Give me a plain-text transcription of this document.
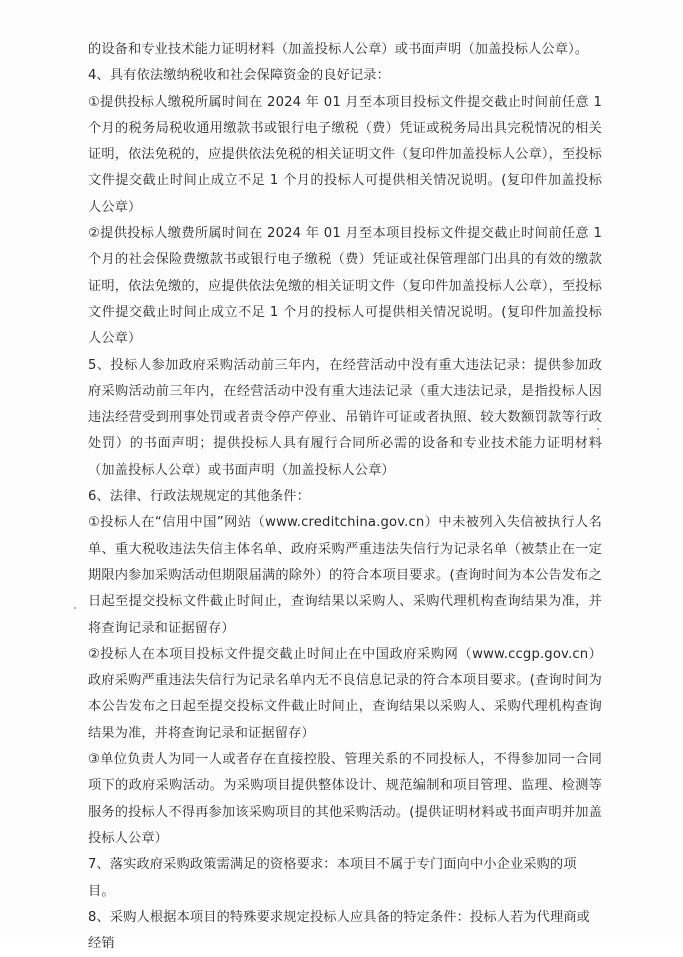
的设备和专业技术能力证明材料（加盖投标人公章）或书面声明（加盖投标人公章）。

4、具有依法缴纳税收和社会保障资金的良好记录：

①提供投标人缴税所属时间在 2024 年 01 月至本项目投标文件提交截止时间前任意 1 个月的税务局税收通用缴款书或银行电子缴税（费）凭证或税务局出具完税情况的相关证明，依法免税的，应提供依法免税的相关证明文件（复印件加盖投标人公章），至投标文件提交截止时间止成立不足 1 个月的投标人可提供相关情况说明。(复印件加盖投标人公章）

②提供投标人缴费所属时间在 2024 年 01 月至本项目投标文件提交截止时间前任意 1 个月的社会保险费缴款书或银行电子缴税（费）凭证或社保管理部门出具的有效的缴款证明，依法免缴的，应提供依法免缴的相关证明文件（复印件加盖投标人公章），至投标文件提交截止时间止成立不足 1 个月的投标人可提供相关情况说明。(复印件加盖投标人公章）

5、投标人参加政府采购活动前三年内，在经营活动中没有重大违法记录：提供参加政府采购活动前三年内，在经营活动中没有重大违法记录（重大违法记录，是指投标人因违法经营受到刑事处罚或者责令停产停业、吊销许可证或者执照、较大数额罚款等行政处罚）的书面声明；提供投标人具有履行合同所必需的设备和专业技术能力证明材料（加盖投标人公章）或书面声明（加盖投标人公章）

6、法律、行政法规规定的其他条件：

①投标人在“信用中国”网站（www.creditchina.gov.cn）中未被列入失信被执行人名单、重大税收违法失信主体名单、政府采购严重违法失信行为记录名单（被禁止在一定期限内参加采购活动但期限届满的除外）的符合本项目要求。(查询时间为本公告发布之日起至提交投标文件截止时间止，查询结果以采购人、采购代理机构查询结果为准，并将查询记录和证据留存）

②投标人在本项目投标文件提交截止时间止在中国政府采购网（www.ccgp.gov.cn）政府采购严重违法失信行为记录名单内无不良信息记录的符合本项目要求。(查询时间为本公告发布之日起至提交投标文件截止时间止，查询结果以采购人、采购代理机构查询结果为准，并将查询记录和证据留存）

③单位负责人为同一人或者存在直接控股、管理关系的不同投标人，不得参加同一合同项下的政府采购活动。为采购项目提供整体设计、规范编制和项目管理、监理、检测等服务的投标人不得再参加该采购项目的其他采购活动。(提供证明材料或书面声明并加盖投标人公章）

7、落实政府采购政策需满足的资格要求：本项目不属于专门面向中小企业采购的项目。

8、采购人根据本项目的特殊要求规定投标人应具备的特定条件：投标人若为代理商或经销
